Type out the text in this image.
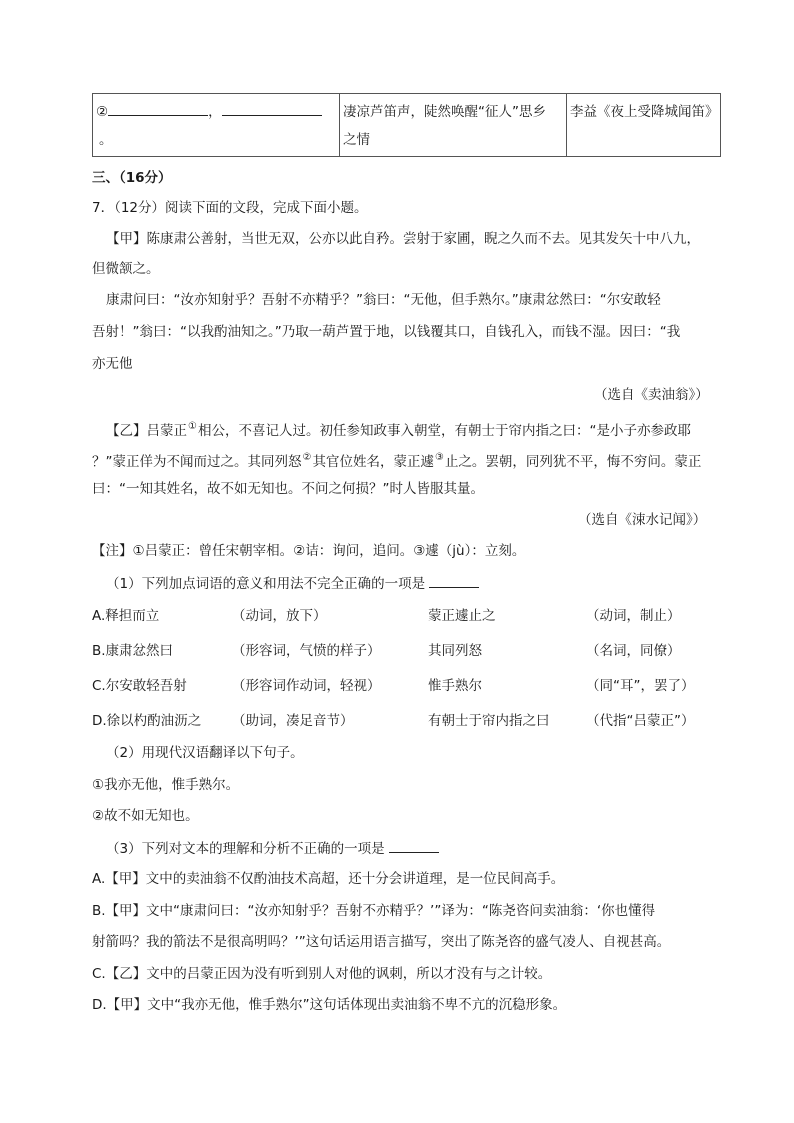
②	，。	凄凉芦笛声，陡然唤醒“征人”思乡
之情	李益《夜上受降城闻笛》
三、（16分）
7．（12分）阅读下面的文段，完成下面小题。
【甲】陈康肃公善射，当世无双，公亦以此自矜。尝射于家圃，睨之久而不去。见其发矢十中八九，
但微颔之。
康肃问曰：“汝亦知射乎？吾射不亦精乎？”翁曰：“无他，但手熟尔。”康肃忿然曰：“尔安敢轻
吾射！”翁曰：“以我酌油知之。”乃取一葫芦置于地，以钱覆其口，自钱孔入，而钱不湿。因曰：“我
亦无他
（选自《卖油翁》）
【乙】吕蒙正①相公，不喜记人过。初任参知政事入朝堂，有朝士于帘内指之曰：“是小子亦参政耶
？”蒙正佯为不闻而过之。其同列怒②其官位姓名，蒙正遽③止之。罢朝，同列犹不平，悔不穷问。蒙正
曰：“一知其姓名，故不如无知也。不问之何损？”时人皆服其量。
（选自《涑水记闻》）
【注】①吕蒙正：曾任宋朝宰相。②诘：询问，追问。③遽（jù）：立刻。
（1）下列加点词语的意义和用法不完全正确的一项是
A.释担而立	（动词，放下）	蒙正遽止之	（动词，制止）
B.康肃忿然曰	（形容词，气愤的样子）	其同列怒	（名词，同僚）
C.尔安敢轻吾射	（形容词作动词，轻视）	惟手熟尔	（同“耳”，罢了）
D.徐以杓酌油沥之 （助词，凑足音节）	有朝士于帘内指之曰	（代指“吕蒙正”）
（2）用现代汉语翻译以下句子。
①我亦无他，惟手熟尔。
②故不如无知也。
（3）下列对文本的理解和分析不正确的一项是
A.【甲】文中的卖油翁不仅酌油技术高超，还十分会讲道理，是一位民间高手。
B.【甲】文中“康肃问曰：“汝亦知射乎？吾射不亦精乎？’”译为：“陈尧咨问卖油翁：‘你也懂得
射箭吗？我的箭法不是很高明吗？’”这句话运用语言描写，突出了陈尧咨的盛气凌人、自视甚高。
C.【乙】文中的吕蒙正因为没有听到别人对他的讽刺，所以才没有与之计较。
D.【甲】文中“我亦无他，惟手熟尔”这句话体现出卖油翁不卑不亢的沉稳形象。
